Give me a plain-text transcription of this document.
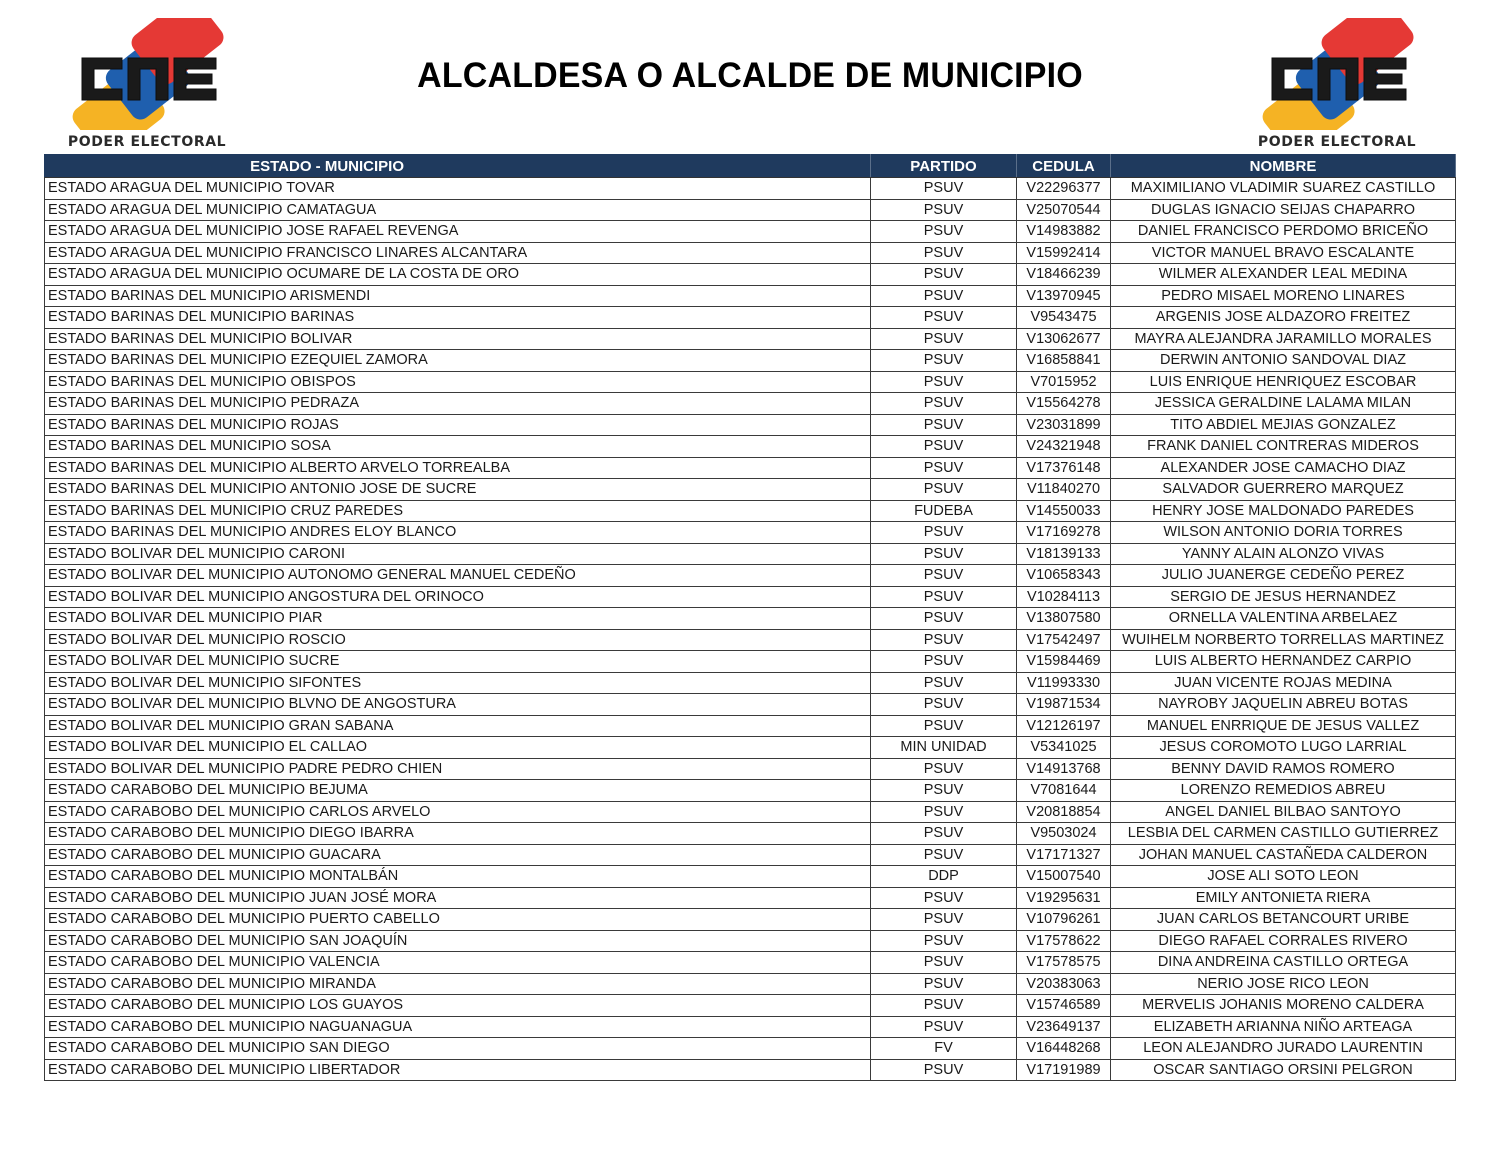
PODER ELECTORAL
ALCALDESA O ALCALDE DE MUNICIPIO
PODER ELECTORAL
ESTADO - MUNICIPIO	PARTIDO	CEDULA	NOMBRE
ESTADO ARAGUA DEL MUNICIPIO TOVAR	PSUV	V22296377	MAXIMILIANO VLADIMIR SUAREZ CASTILLO
ESTADO ARAGUA DEL MUNICIPIO CAMATAGUA	PSUV	V25070544	DUGLAS IGNACIO SEIJAS CHAPARRO
ESTADO ARAGUA DEL MUNICIPIO JOSE RAFAEL REVENGA	PSUV	V14983882	DANIEL FRANCISCO PERDOMO BRICEÑO
ESTADO ARAGUA DEL MUNICIPIO FRANCISCO LINARES ALCANTARA	PSUV	V15992414	VICTOR MANUEL BRAVO ESCALANTE
ESTADO ARAGUA DEL MUNICIPIO OCUMARE DE LA COSTA DE ORO	PSUV	V18466239	WILMER ALEXANDER LEAL MEDINA
ESTADO BARINAS DEL MUNICIPIO ARISMENDI	PSUV	V13970945	PEDRO MISAEL MORENO LINARES
ESTADO BARINAS DEL MUNICIPIO BARINAS	PSUV	V9543475	ARGENIS JOSE ALDAZORO FREITEZ
ESTADO BARINAS DEL MUNICIPIO BOLIVAR	PSUV	V13062677	MAYRA ALEJANDRA JARAMILLO MORALES
ESTADO BARINAS DEL MUNICIPIO EZEQUIEL ZAMORA	PSUV	V16858841	DERWIN ANTONIO SANDOVAL DIAZ
ESTADO BARINAS DEL MUNICIPIO OBISPOS	PSUV	V7015952	LUIS ENRIQUE HENRIQUEZ ESCOBAR
ESTADO BARINAS DEL MUNICIPIO PEDRAZA	PSUV	V15564278	JESSICA GERALDINE LALAMA MILAN
ESTADO BARINAS DEL MUNICIPIO ROJAS	PSUV	V23031899	TITO ABDIEL MEJIAS GONZALEZ
ESTADO BARINAS DEL MUNICIPIO SOSA	PSUV	V24321948	FRANK DANIEL CONTRERAS MIDEROS
ESTADO BARINAS DEL MUNICIPIO ALBERTO ARVELO TORREALBA	PSUV	V17376148	ALEXANDER JOSE CAMACHO DIAZ
ESTADO BARINAS DEL MUNICIPIO ANTONIO JOSE DE SUCRE	PSUV	V11840270	SALVADOR GUERRERO MARQUEZ
ESTADO BARINAS DEL MUNICIPIO CRUZ PAREDES	FUDEBA	V14550033	HENRY JOSE MALDONADO PAREDES
ESTADO BARINAS DEL MUNICIPIO ANDRES ELOY BLANCO	PSUV	V17169278	WILSON ANTONIO DORIA TORRES
ESTADO BOLIVAR DEL MUNICIPIO CARONI	PSUV	V18139133	YANNY ALAIN ALONZO VIVAS
ESTADO BOLIVAR DEL MUNICIPIO AUTONOMO GENERAL MANUEL CEDEÑO	PSUV	V10658343	JULIO JUANERGE CEDEÑO PEREZ
ESTADO BOLIVAR DEL MUNICIPIO ANGOSTURA DEL ORINOCO	PSUV	V10284113	SERGIO DE JESUS HERNANDEZ
ESTADO BOLIVAR DEL MUNICIPIO PIAR	PSUV	V13807580	ORNELLA VALENTINA ARBELAEZ
ESTADO BOLIVAR DEL MUNICIPIO ROSCIO	PSUV	V17542497	WUIHELM NORBERTO TORRELLAS MARTINEZ
ESTADO BOLIVAR DEL MUNICIPIO SUCRE	PSUV	V15984469	LUIS ALBERTO HERNANDEZ CARPIO
ESTADO BOLIVAR DEL MUNICIPIO SIFONTES	PSUV	V11993330	JUAN VICENTE ROJAS MEDINA
ESTADO BOLIVAR DEL MUNICIPIO BLVNO DE ANGOSTURA	PSUV	V19871534	NAYROBY JAQUELIN ABREU BOTAS
ESTADO BOLIVAR DEL MUNICIPIO GRAN SABANA	PSUV	V12126197	MANUEL ENRRIQUE DE JESUS VALLEZ
ESTADO BOLIVAR DEL MUNICIPIO EL CALLAO	MIN UNIDAD	V5341025	JESUS COROMOTO LUGO LARRIAL
ESTADO BOLIVAR DEL MUNICIPIO PADRE PEDRO CHIEN	PSUV	V14913768	BENNY DAVID RAMOS ROMERO
ESTADO CARABOBO DEL MUNICIPIO BEJUMA	PSUV	V7081644	LORENZO REMEDIOS ABREU
ESTADO CARABOBO DEL MUNICIPIO CARLOS ARVELO	PSUV	V20818854	ANGEL DANIEL BILBAO SANTOYO
ESTADO CARABOBO DEL MUNICIPIO DIEGO IBARRA	PSUV	V9503024	LESBIA DEL CARMEN CASTILLO GUTIERREZ
ESTADO CARABOBO DEL MUNICIPIO GUACARA	PSUV	V17171327	JOHAN MANUEL CASTAÑEDA CALDERON
ESTADO CARABOBO DEL MUNICIPIO MONTALBÁN	DDP	V15007540	JOSE ALI SOTO LEON
ESTADO CARABOBO DEL MUNICIPIO JUAN JOSÉ MORA	PSUV	V19295631	EMILY ANTONIETA RIERA
ESTADO CARABOBO DEL MUNICIPIO PUERTO CABELLO	PSUV	V10796261	JUAN CARLOS BETANCOURT URIBE
ESTADO CARABOBO DEL MUNICIPIO SAN JOAQUÍN	PSUV	V17578622	DIEGO RAFAEL CORRALES RIVERO
ESTADO CARABOBO DEL MUNICIPIO VALENCIA	PSUV	V17578575	DINA ANDREINA CASTILLO ORTEGA
ESTADO CARABOBO DEL MUNICIPIO MIRANDA	PSUV	V20383063	NERIO JOSE RICO LEON
ESTADO CARABOBO DEL MUNICIPIO LOS GUAYOS	PSUV	V15746589	MERVELIS JOHANIS MORENO CALDERA
ESTADO CARABOBO DEL MUNICIPIO NAGUANAGUA	PSUV	V23649137	ELIZABETH ARIANNA NIÑO ARTEAGA
ESTADO CARABOBO DEL MUNICIPIO SAN DIEGO	FV	V16448268	LEON ALEJANDRO JURADO LAURENTIN
ESTADO CARABOBO DEL MUNICIPIO LIBERTADOR	PSUV	V17191989	OSCAR SANTIAGO ORSINI PELGRON
